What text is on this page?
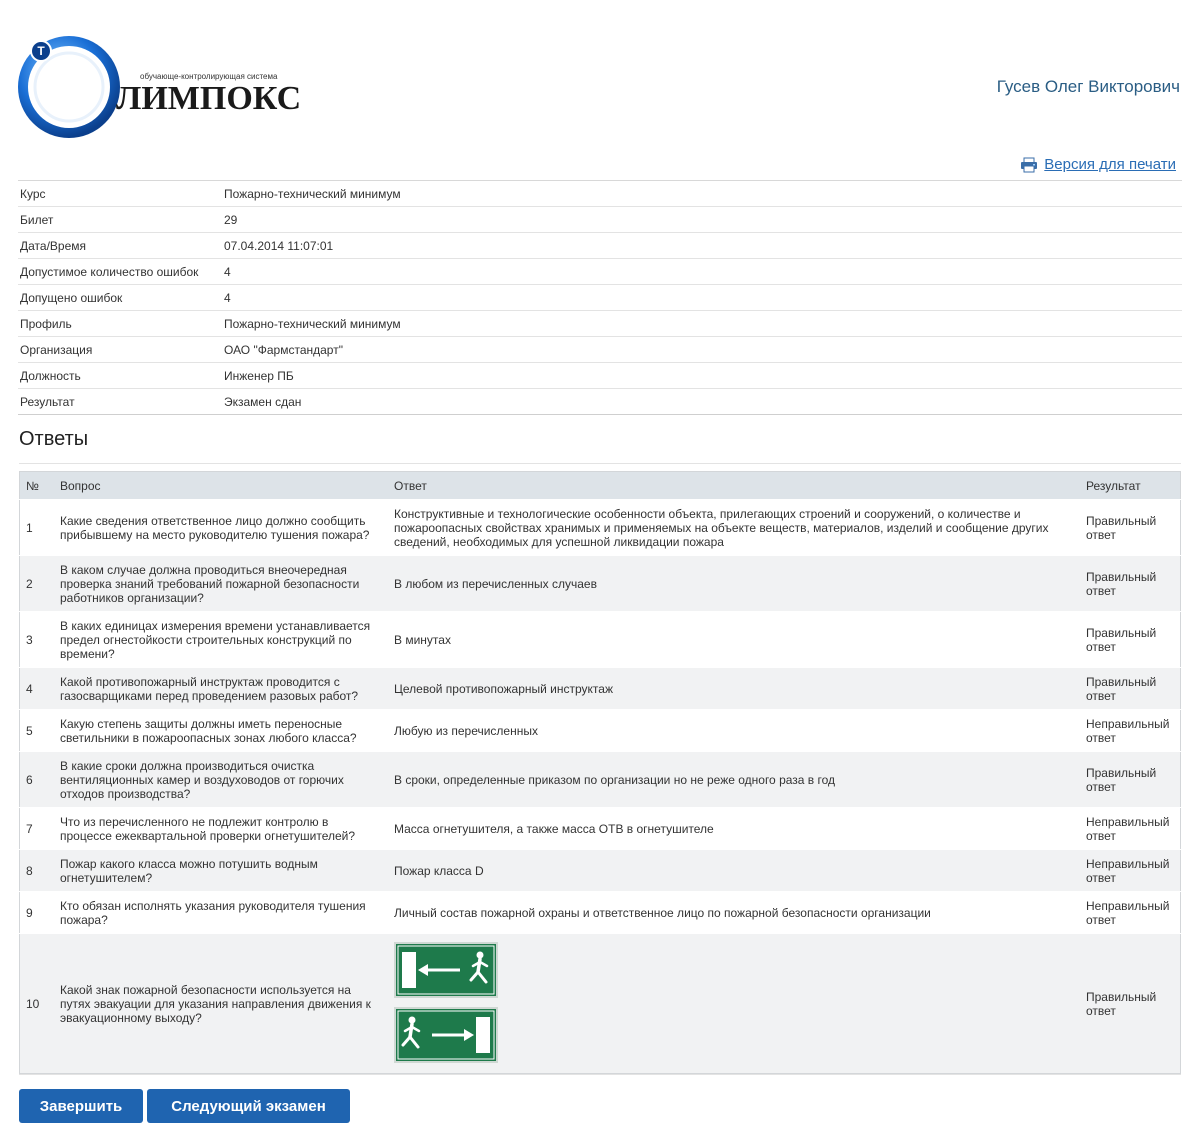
Т
обучающе-контролирующая система
ЛИМПОКС	Гусев Олег Викторович
Версия для печати
Курс	Пожарно-технический минимум
Билет	29
Дата/Время	07.04.2014 11:07:01
Допустимое количество ошибок	4
Допущено ошибок	4
Профиль	Пожарно-технический минимум
Организация	ОАО "Фармстандарт"
Должность	Инженер ПБ
Результат	Экзамен сдан
Ответы
№	Вопрос	Ответ	Результат
1	Какие сведения ответственное лицо должно сообщить прибывшему на место руководителю тушения пожара?	Конструктивные и технологические особенности объекта, прилегающих строений и сооружений, о количестве и пожароопасных свойствах хранимых и применяемых на объекте веществ, материалов, изделий и сообщение других сведений, необходимых для успешной ликвидации пожара	Правильный ответ
2	В каком случае должна проводиться внеочередная проверка знаний требований пожарной безопасности работников организации?	В любом из перечисленных случаев	Правильный ответ
3	В каких единицах измерения времени устанавливается предел огнестойкости строительных конструкций по времени?	В минутах	Правильный ответ
4	Какой противопожарный инструктаж проводится с газосварщиками перед проведением разовых работ?	Целевой противопожарный инструктаж	Правильный ответ
5	Какую степень защиты должны иметь переносные светильники в пожароопасных зонах любого класса?	Любую из перечисленных	Неправильный ответ
6	В какие сроки должна производиться очистка вентиляционных камер и воздуховодов от горючих отходов производства?	В сроки, определенные приказом по организации но не реже одного раза в год	Правильный ответ
7	Что из перечисленного не подлежит контролю в процессе ежеквартальной проверки огнетушителей?	Масса огнетушителя, а также масса ОТВ в огнетушителе	Неправильный ответ
8	Пожар какого класса можно потушить водным огнетушителем?	Пожар класса D	Неправильный ответ
9	Кто обязан исполнять указания руководителя тушения пожара?	Личный состав пожарной охраны и ответственное лицо по пожарной безопасности организации	Неправильный ответ
10	Какой знак пожарной безопасности используется на путях эвакуации для указания направления движения к эвакуационному выходу?		Правильный ответ
Завершить	Следующий экзамен
